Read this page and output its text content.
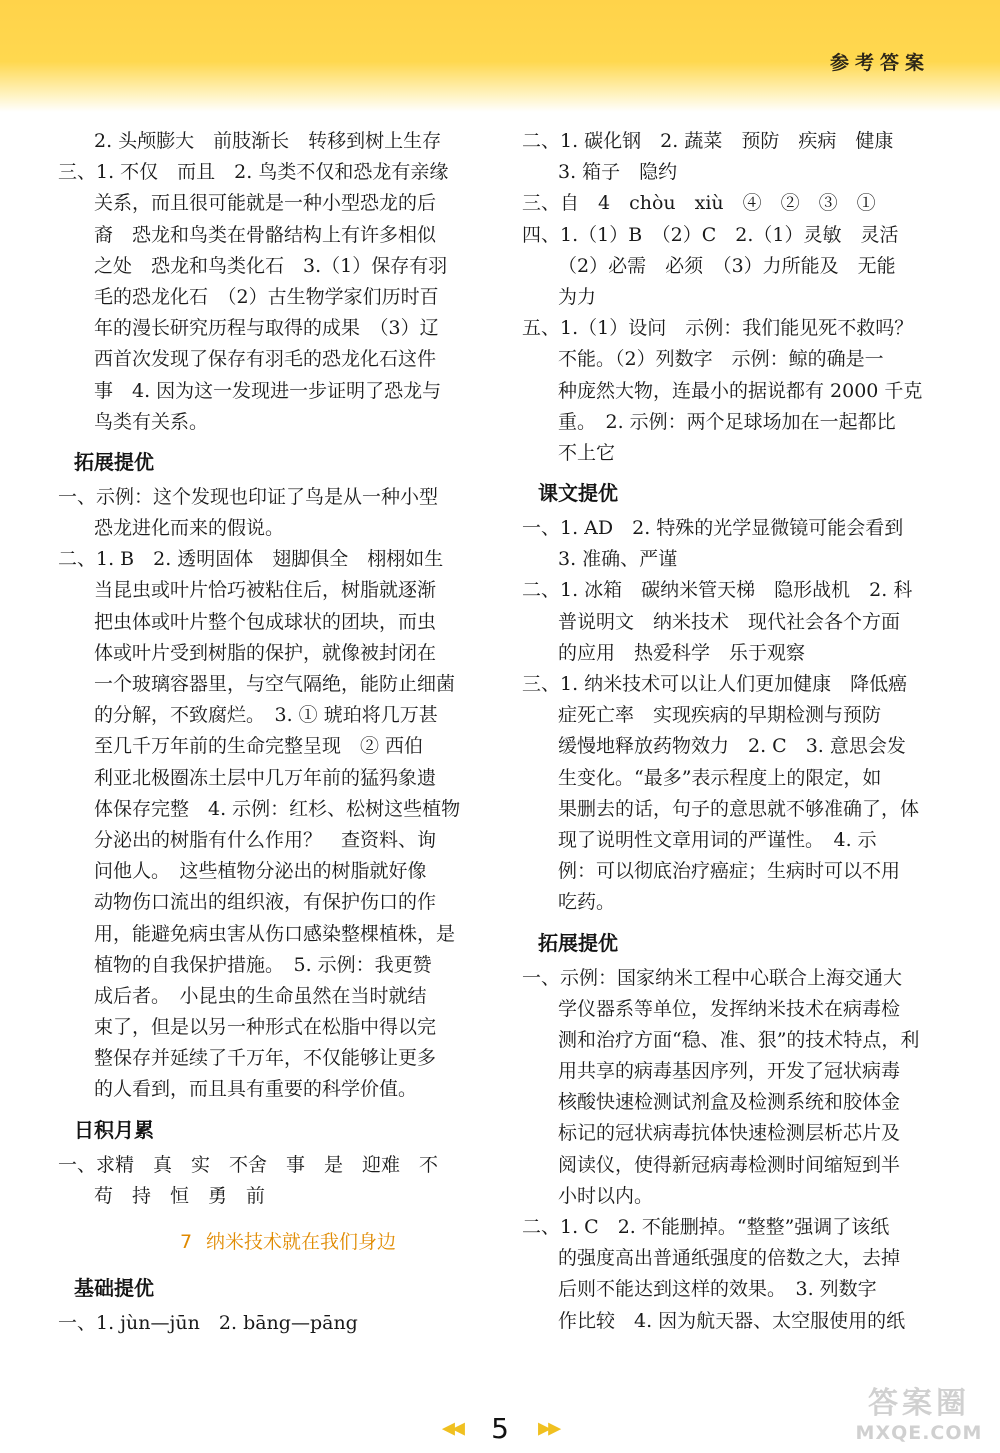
参考答案
2. 头颅膨大　前肢渐长　转移到树上生存
三、1. 不仅　而且　2. 鸟类不仅和恐龙有亲缘
关系，而且很可能就是一种小型恐龙的后
裔　恐龙和鸟类在骨骼结构上有许多相似
之处　恐龙和鸟类化石　3.（1）保存有羽
毛的恐龙化石　（2）古生物学家们历时百
年的漫长研究历程与取得的成果　（3）辽
西首次发现了保存有羽毛的恐龙化石这件
事　4. 因为这一发现进一步证明了恐龙与
鸟类有关系。
拓展提优
一、示例：这个发现也印证了鸟是从一种小型
恐龙进化而来的假说。
二、1. B　2. 透明固体　翅脚俱全　栩栩如生
当昆虫或叶片恰巧被粘住后，树脂就逐渐
把虫体或叶片整个包成球状的团块，而虫
体或叶片受到树脂的保护，就像被封闭在
一个玻璃容器里，与空气隔绝，能防止细菌
的分解，不致腐烂。　3. ① 琥珀将几万甚
至几千万年前的生命完整呈现　② 西伯
利亚北极圈冻土层中几万年前的猛犸象遗
体保存完整　4. 示例：红杉、松树这些植物
分泌出的树脂有什么作用？　查资料、询
问他人。　这些植物分泌出的树脂就好像
动物伤口流出的组织液，有保护伤口的作
用，能避免病虫害从伤口感染整棵植株，是
植物的自我保护措施。　5. 示例：我更赞
成后者。　小昆虫的生命虽然在当时就结
束了，但是以另一种形式在松脂中得以完
整保存并延续了千万年，不仅能够让更多
的人看到，而且具有重要的科学价值。
日积月累
一、求精　真　实　不舍　事　是　迎难　不
苟　持　恒　勇　前
7 纳米技术就在我们身边
基础提优
一、1. jùn—jūn　2. bāng—pāng
二、1. 碳化钢　2. 蔬菜　预防　疾病　健康
3. 箱子　隐约
三、自　4　chòu　xiù　④　②　③　①
四、1.（1）B　（2）C　2.（1）灵敏　灵活
（2）必需　必须　（3）力所能及　无能
为力
五、1.（1）设问　示例：我们能见死不救吗？
不能。（2）列数字　示例：鲸的确是一
种庞然大物，连最小的据说都有 2000 千克
重。　2. 示例：两个足球场加在一起都比
不上它
课文提优
一、1. AD　2. 特殊的光学显微镜可能会看到
3. 准确、严谨
二、1. 冰箱　碳纳米管天梯　隐形战机　2. 科
普说明文　纳米技术　现代社会各个方面
的应用　热爱科学　乐于观察
三、1. 纳米技术可以让人们更加健康　降低癌
症死亡率　实现疾病的早期检测与预防
缓慢地释放药物效力　2. C　3. 意思会发
生变化。“最多”表示程度上的限定，如
果删去的话，句子的意思就不够准确了，体
现了说明性文章用词的严谨性。　4. 示
例：可以彻底治疗癌症；生病时可以不用
吃药。
拓展提优
一、示例：国家纳米工程中心联合上海交通大
学仪器系等单位，发挥纳米技术在病毒检
测和治疗方面“稳、准、狠”的技术特点，利
用共享的病毒基因序列，开发了冠状病毒
核酸快速检测试剂盒及检测系统和胶体金
标记的冠状病毒抗体快速检测层析芯片及
阅读仪，使得新冠病毒检测时间缩短到半
小时以内。
二、1. C　2. 不能删掉。“整整”强调了该纸
的强度高出普通纸强度的倍数之大，去掉
后则不能达到这样的效果。　3. 列数字
作比较　4. 因为航天器、太空服使用的纸
◀◀ 5 ▶▶
答案圈
MXQE.COM
